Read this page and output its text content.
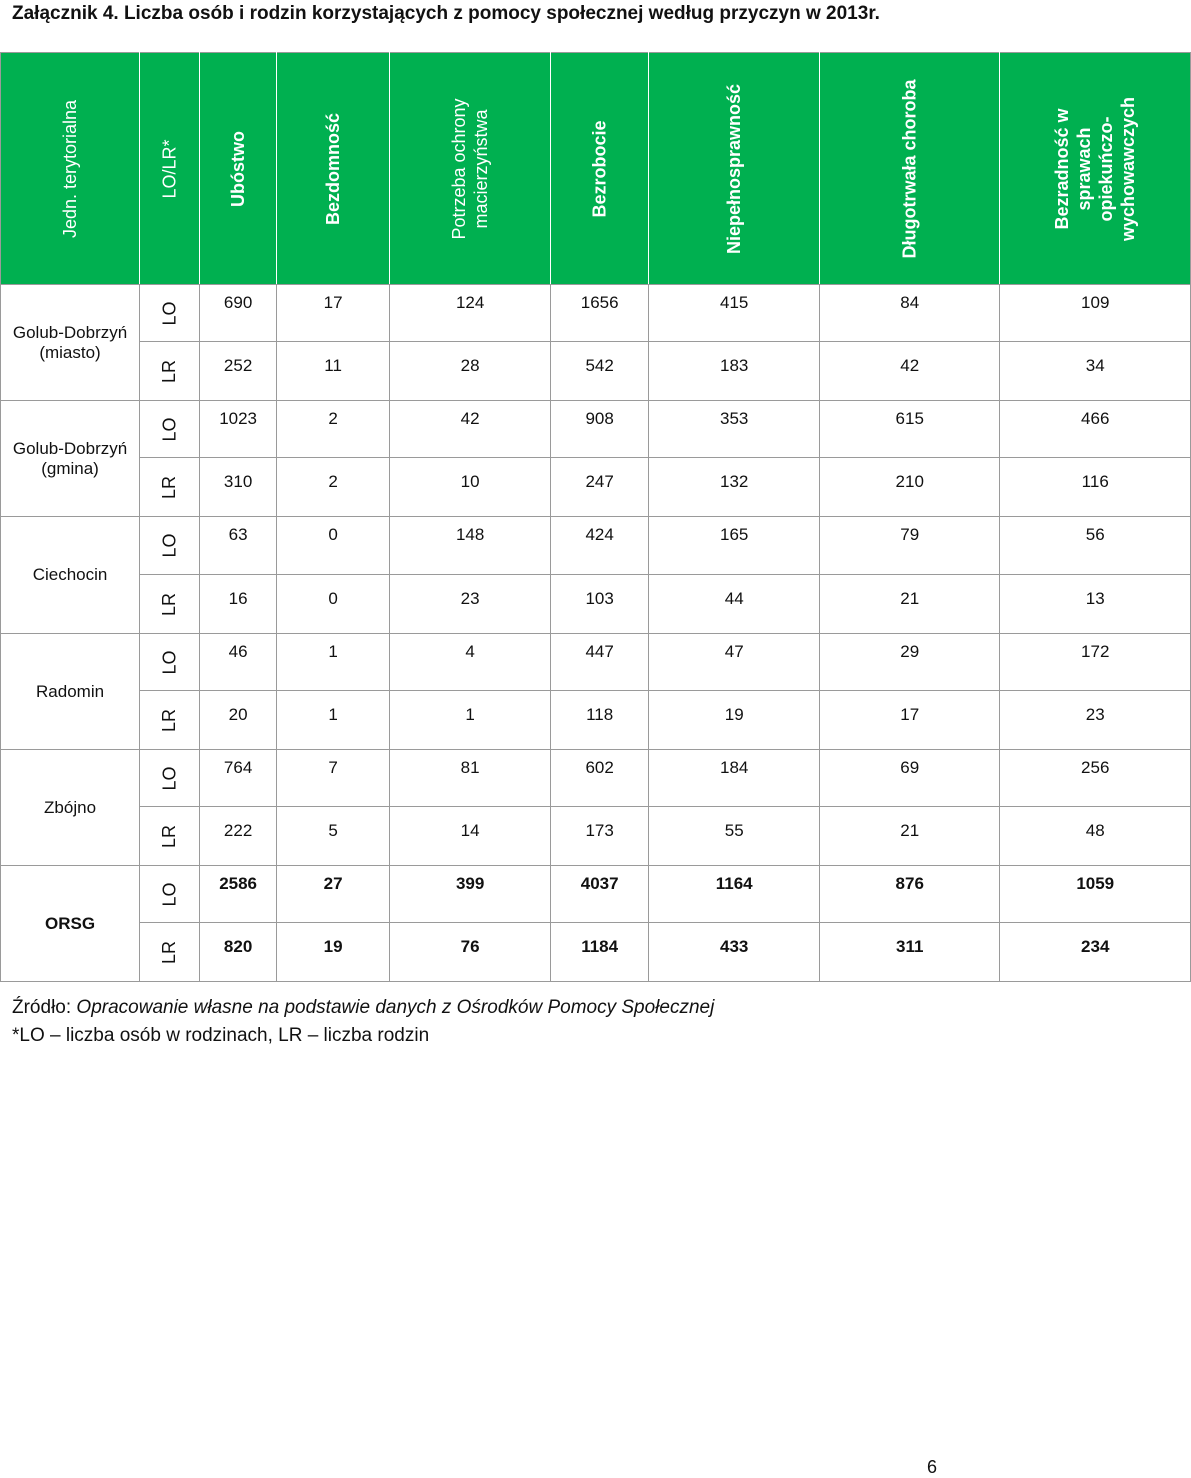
Załącznik 4. Liczba osób i rodzin korzystających z pomocy społecznej według przyczyn w 2013r.
Jedn. terytorialna	LO/LR*	Ubóstwo	Bezdomność	Potrzeba ochrony macierzyństwa	Bezrobocie	Niepełnosprawność	Długotrwała choroba	Bezradność w sprawach opiekuńczo-wychowawczych
Golub-Dobrzyń (miasto)	LO	690	17	124	1656	415	84	109
	LR	252	11	28	542	183	42	34
Golub-Dobrzyń (gmina)	LO	1023	2	42	908	353	615	466
	LR	310	2	10	247	132	210	116
Ciechocin	LO	63	0	148	424	165	79	56
	LR	16	0	23	103	44	21	13
Radomin	LO	46	1	4	447	47	29	172
	LR	20	1	1	118	19	17	23
Zbójno	LO	764	7	81	602	184	69	256
	LR	222	5	14	173	55	21	48
ORSG	LO	2586	27	399	4037	1164	876	1059
	LR	820	19	76	1184	433	311	234
Źródło: Opracowanie własne na podstawie danych z Ośrodków Pomocy Społecznej
*LO – liczba osób w rodzinach, LR – liczba rodzin
6
